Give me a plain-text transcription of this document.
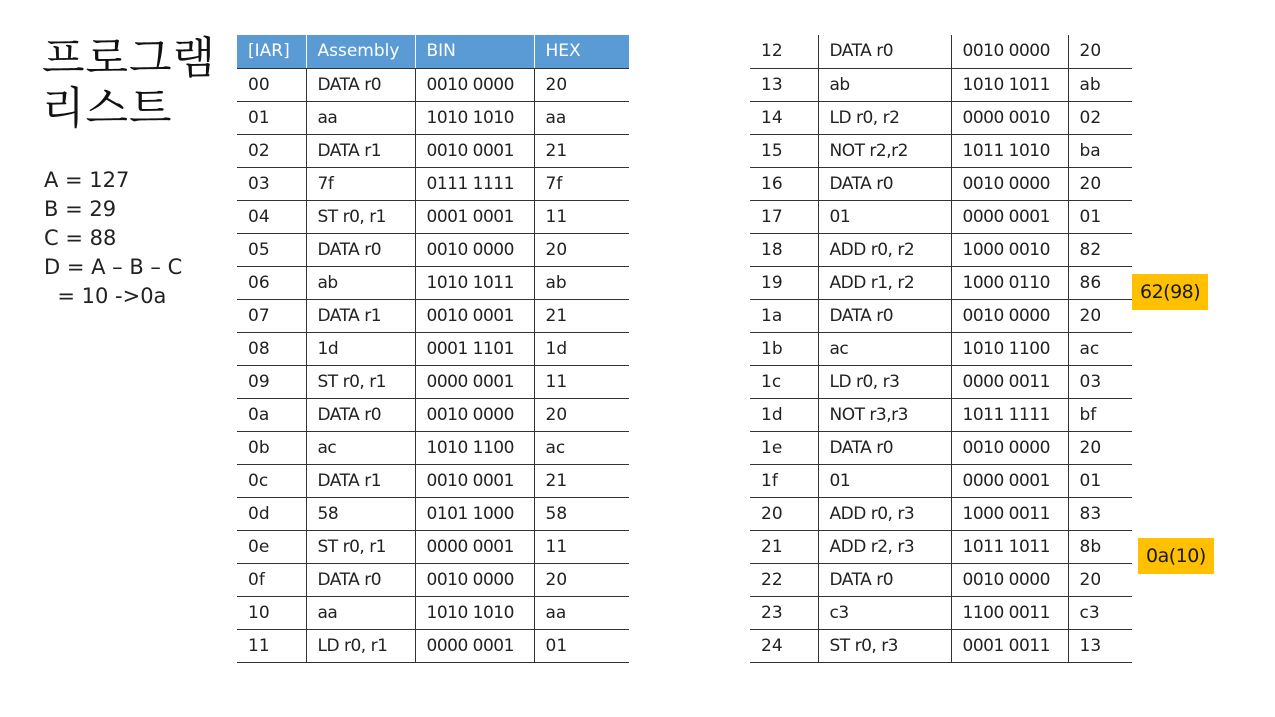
프로그램 리스트
A = 127
B = 29
C = 88
D = A – B – C
= 10 ->0a
[IAR]	Assembly	BIN	HEX
00	DATA r0	0010 0000	20
01	aa	1010 1010	aa
02	DATA r1	0010 0001	21
03	7f	0111 1111	7f
04	ST r0, r1	0001 0001	11
05	DATA r0	0010 0000	20
06	ab	1010 1011	ab
07	DATA r1	0010 0001	21
08	1d	0001 1101	1d
09	ST r0, r1	0000 0001	11
0a	DATA r0	0010 0000	20
0b	ac	1010 1100	ac
0c	DATA r1	0010 0001	21
0d	58	0101 1000	58
0e	ST r0, r1	0000 0001	11
0f	DATA r0	0010 0000	20
10	aa	1010 1010	aa
11	LD r0, r1	0000 0001	01
12	DATA r0	0010 0000	20
13	ab	1010 1011	ab
14	LD r0, r2	0000 0010	02
15	NOT r2,r2	1011 1010	ba
16	DATA r0	0010 0000	20
17	01	0000 0001	01
18	ADD r0, r2	1000 0010	82
19	ADD r1, r2	1000 0110	86
1a	DATA r0	0010 0000	20
1b	ac	1010 1100	ac
1c	LD r0, r3	0000 0011	03
1d	NOT r3,r3	1011 1111	bf
1e	DATA r0	0010 0000	20
1f	01	0000 0001	01
20	ADD r0, r3	1000 0011	83
21	ADD r2, r3	1011 1011	8b
22	DATA r0	0010 0000	20
23	c3	1100 0011	c3
24	ST r0, r3	0001 0011	13
62(98)
0a(10)
